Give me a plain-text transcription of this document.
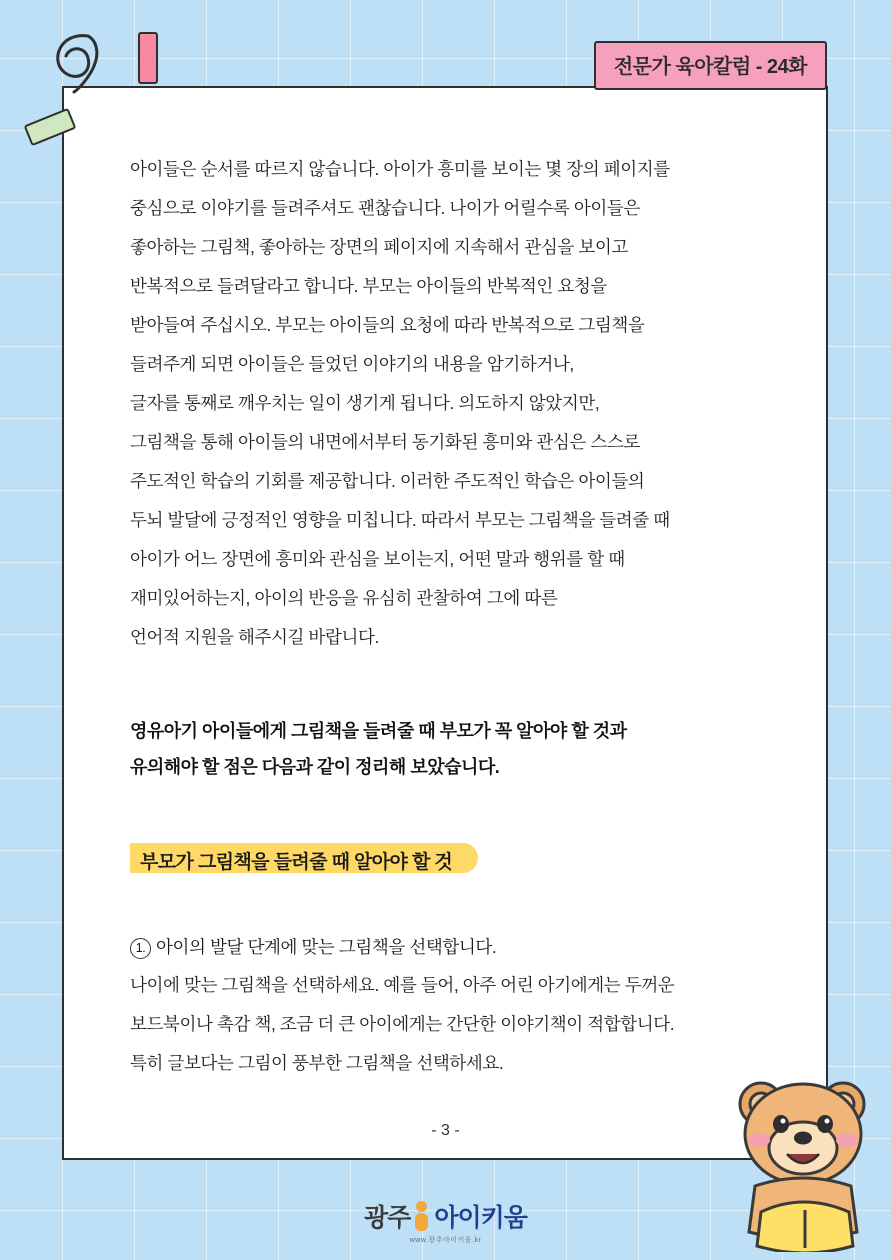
전문가 육아칼럼 - 24화
아이들은 순서를 따르지 않습니다. 아이가 흥미를 보이는 몇 장의 페이지를
중심으로 이야기를 들려주셔도 괜찮습니다. 나이가 어릴수록 아이들은
좋아하는 그림책, 좋아하는 장면의 페이지에 지속해서 관심을 보이고
반복적으로 들려달라고 합니다. 부모는 아이들의 반복적인 요청을
받아들여 주십시오. 부모는 아이들의 요청에 따라 반복적으로 그림책을
들려주게 되면 아이들은 들었던 이야기의 내용을 암기하거나,
글자를 통째로 깨우치는 일이 생기게 됩니다. 의도하지 않았지만,
그림책을 통해 아이들의 내면에서부터 동기화된 흥미와 관심은 스스로
주도적인 학습의 기회를 제공합니다. 이러한 주도적인 학습은 아이들의
두뇌 발달에 긍정적인 영향을 미칩니다. 따라서 부모는 그림책을 들려줄 때
아이가 어느 장면에 흥미와 관심을 보이는지, 어떤 말과 행위를 할 때
재미있어하는지, 아이의 반응을 유심히 관찰하여 그에 따른
언어적 지원을 해주시길 바랍니다.
영유아기 아이들에게 그림책을 들려줄 때 부모가 꼭 알아야 할 것과
유의해야 할 점은 다음과 같이 정리해 보았습니다.
부모가 그림책을 들려줄 때 알아야 할 것
1. 아이의 발달 단계에 맞는 그림책을 선택합니다.
나이에 맞는 그림책을 선택하세요. 예를 들어, 아주 어린 아기에게는 두꺼운
보드북이나 촉감 책, 조금 더 큰 아이에게는 간단한 이야기책이 적합합니다.
특히 글보다는 그림이 풍부한 그림책을 선택하세요.
- 3 -
광주 아이키움
www.광주아이키움.kr
